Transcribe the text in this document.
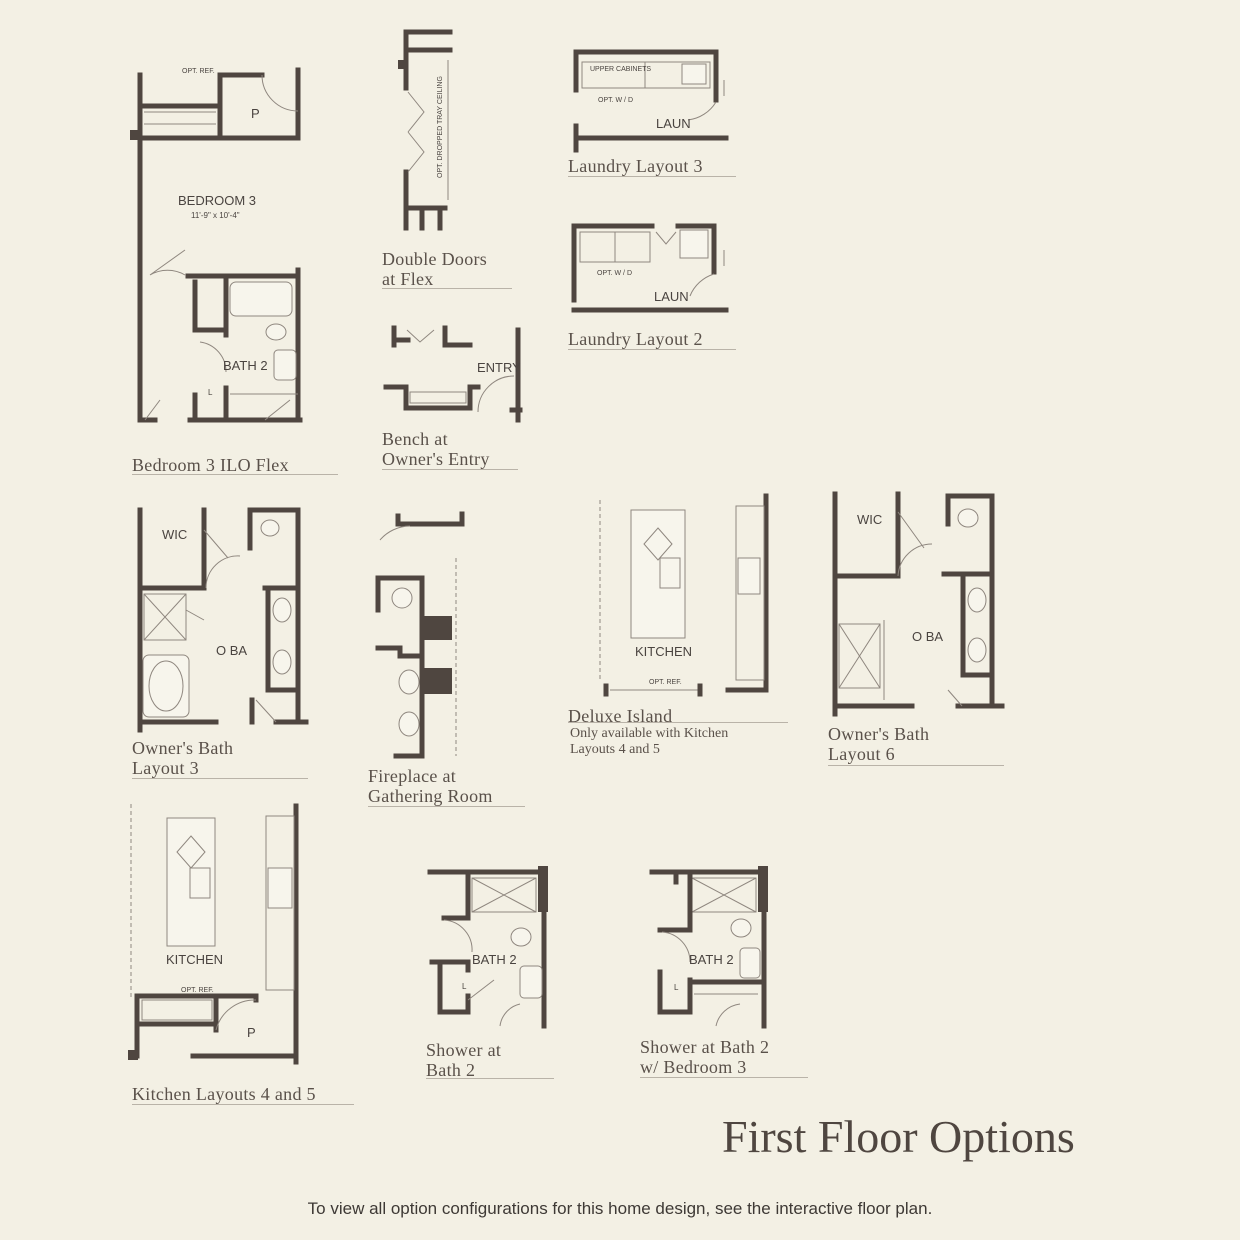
OPT. REF.
P
BEDROOM 3
11'-9" x 10'-4"
BATH 2
L
OPT. DROPPED TRAY CEILING
ENTRY
UPPER CABINETS
OPT. W / D
LAUN
OPT. W / D
LAUN
WIC
O BA	KITCHEN
OPT. REF.
WIC
O BA
KITCHEN
OPT. REF.
P
BATH 2
L
BATH 2
L
Bedroom 3 ILO Flex
Double Doors
at Flex
Bench at
Owner's Entry
Laundry Layout 3
Laundry Layout 2
Owner's Bath
Layout 3	Fireplace at
Gathering Room
Deluxe Island
Only available with Kitchen
Layouts 4 and 5
Owner's Bath
Layout 6
Kitchen Layouts 4 and 5
Shower at
Bath 2
Shower at Bath 2
w/ Bedroom 3
First Floor Options
To view all option configurations for this home design, see the interactive floor plan.
